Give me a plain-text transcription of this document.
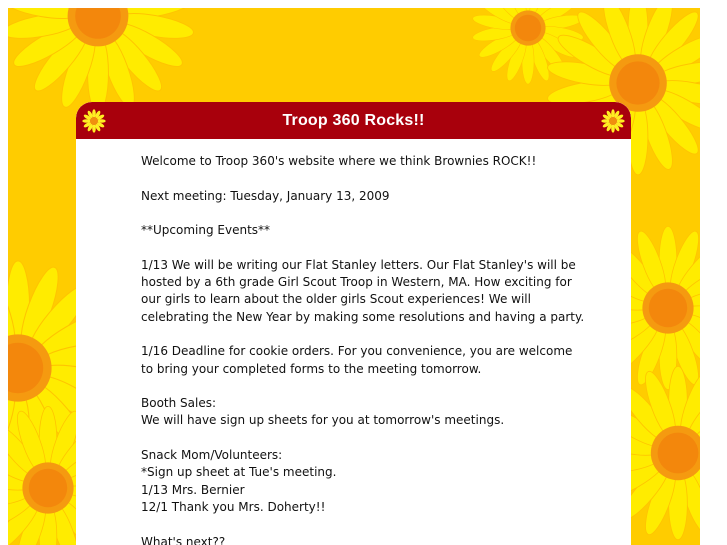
Troop 360 Rocks!!

Welcome to Troop 360's website where we think Brownies ROCK!!

Next meeting: Tuesday, January 13, 2009

**Upcoming Events**

1/13 We will be writing our Flat Stanley letters. Our Flat Stanley's will be
hosted by a 6th grade Girl Scout Troop in Western, MA. How exciting for
our girls to learn about the older girls Scout experiences! We will
celebrating the New Year by making some resolutions and having a party.

1/16 Deadline for cookie orders. For you convenience, you are welcome
to bring your completed forms to the meeting tomorrow.

Booth Sales:
We will have sign up sheets for you at tomorrow's meetings.

Snack Mom/Volunteers:
*Sign up sheet at Tue's meeting.
1/13 Mrs. Bernier
12/1 Thank you Mrs. Doherty!!

What's next??
